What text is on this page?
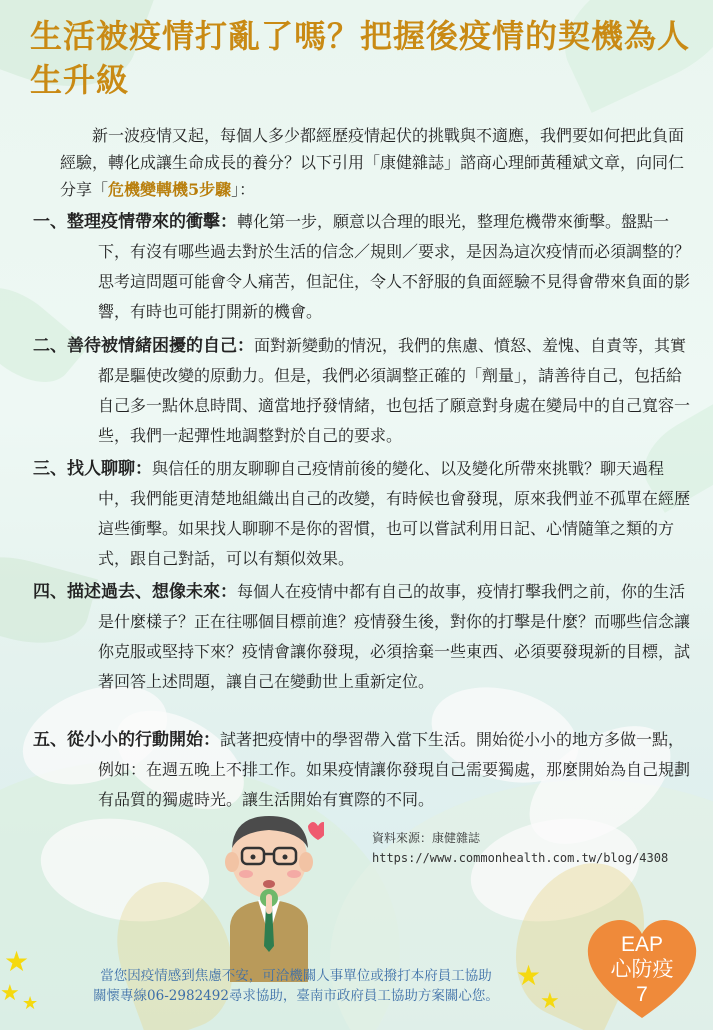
生活被疫情打亂了嗎？把握後疫情的契機為人生升級

新一波疫情又起，每個人多少都經歷疫情起伏的挑戰與不適應，我們要如何把此負面經驗，轉化成讓生命成長的養分？以下引用「康健雜誌」諮商心理師黃種斌文章，向同仁分享「危機變轉機5步驟」：

一、整理疫情帶來的衝擊：轉化第一步，願意以合理的眼光，整理危機帶來衝擊。盤點一下，有沒有哪些過去對於生活的信念／規則／要求，是因為這次疫情而必須調整的？思考這問題可能會令人痛苦，但記住，令人不舒服的負面經驗不見得會帶來負面的影響，有時也可能打開新的機會。

二、善待被情緒困擾的自己：面對新變動的情況，我們的焦慮、憤怒、羞愧、自責等，其實都是驅使改變的原動力。但是，我們必須調整正確的「劑量」，請善待自己，包括給自己多一點休息時間、適當地抒發情緒，也包括了願意對身處在變局中的自己寬容一些，我們一起彈性地調整對於自己的要求。

三、找人聊聊：與信任的朋友聊聊自己疫情前後的變化、以及變化所帶來挑戰？聊天過程中，我們能更清楚地組織出自己的改變，有時候也會發現，原來我們並不孤單在經歷這些衝擊。如果找人聊聊不是你的習慣，也可以嘗試利用日記、心情隨筆之類的方式，跟自己對話，可以有類似效果。

四、描述過去、想像未來：每個人在疫情中都有自己的故事，疫情打擊我們之前，你的生活是什麼樣子？正在往哪個目標前進？疫情發生後，對你的打擊是什麼？而哪些信念讓你克服或堅持下來？疫情會讓你發現，必須捨棄一些東西、必須要發現新的目標，試著回答上述問題，讓自己在變動世上重新定位。

五、從小小的行動開始：試著把疫情中的學習帶入當下生活。開始從小小的地方多做一點，例如：在週五晚上不排工作。如果疫情讓你發現自己需要獨處，那麼開始為自己規劃有品質的獨處時光。讓生活開始有實際的不同。

資料來源：康健雜誌
https://www.commonhealth.com.tw/blog/4308
★
★ ★
★
★
當您因疫情感到焦慮不安，可洽機關人事單位或撥打本府員工協助
關懷專線06-2982492尋求協助，臺南市政府員工協助方案關心您。
EAP
心防疫
7
